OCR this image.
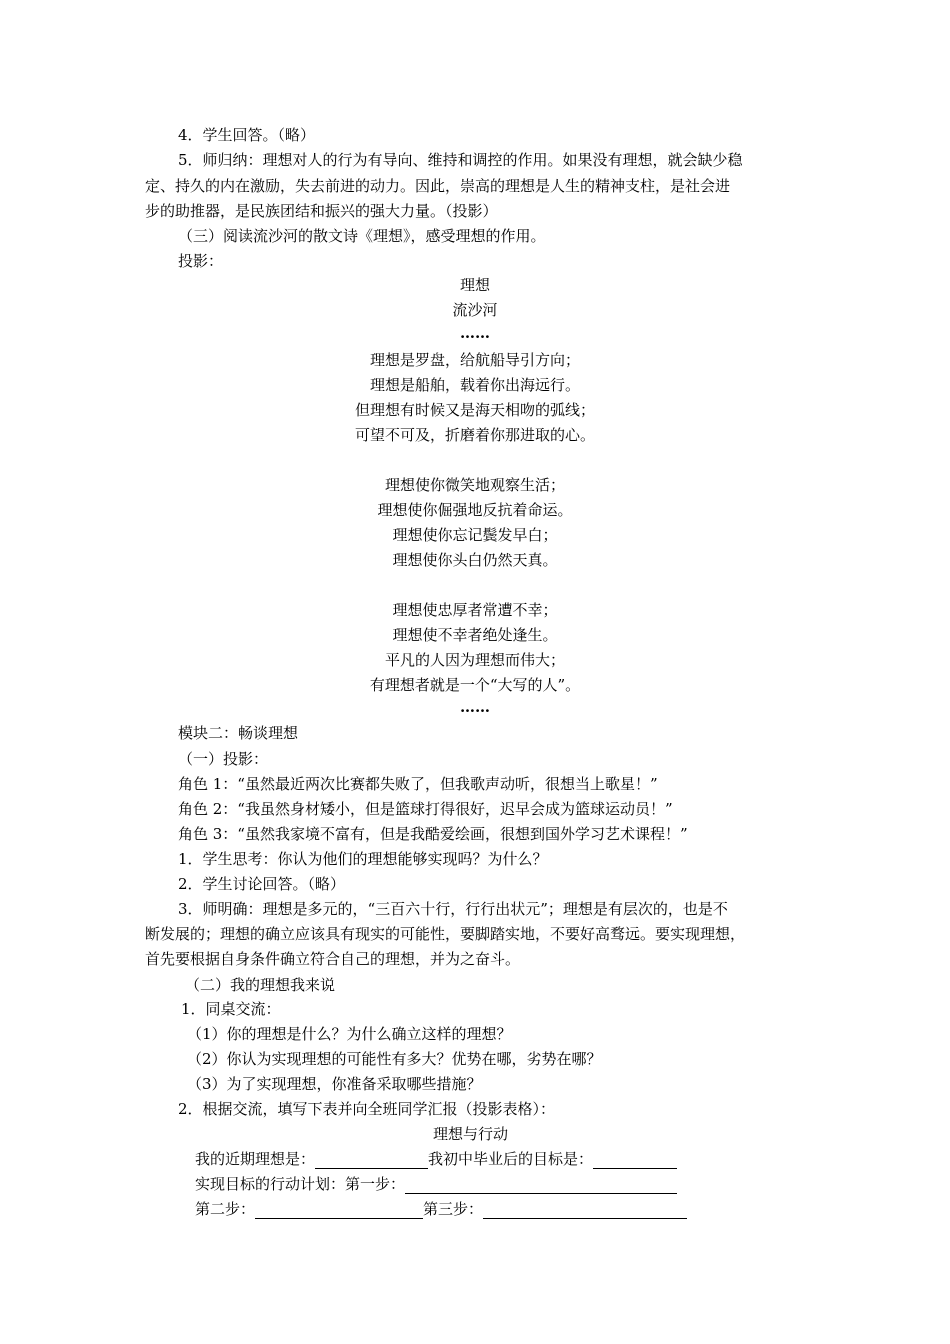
4．学生回答。（略）
5．师归纳：理想对人的行为有导向、维持和调控的作用。如果没有理想，就会缺少稳
定、持久的内在激励，失去前进的动力。因此，崇高的理想是人生的精神支柱，是社会进
步的助推器，是民族团结和振兴的强大力量。（投影）
（三）阅读流沙河的散文诗《理想》，感受理想的作用。
投影：
理想
流沙河
……
理想是罗盘，给航船导引方向；
理想是船舶，载着你出海远行。
但理想有时候又是海天相吻的弧线；
可望不可及，折磨着你那进取的心。
理想使你微笑地观察生活；
理想使你倔强地反抗着命运。
理想使你忘记鬓发早白；
理想使你头白仍然天真。
理想使忠厚者常遭不幸；
理想使不幸者绝处逢生。
平凡的人因为理想而伟大；
有理想者就是一个“大写的人”。
……
模块二：畅谈理想
（一）投影：
角色 1：“虽然最近两次比赛都失败了，但我歌声动听，很想当上歌星！”
角色 2：“我虽然身材矮小，但是篮球打得很好，迟早会成为篮球运动员！”
角色 3：“虽然我家境不富有，但是我酷爱绘画，很想到国外学习艺术课程！”
1．学生思考：你认为他们的理想能够实现吗？为什么？
2．学生讨论回答。（略）
3．师明确：理想是多元的，“三百六十行，行行出状元”；理想是有层次的，也是不
断发展的；理想的确立应该具有现实的可能性，要脚踏实地，不要好高骛远。要实现理想，
首先要根据自身条件确立符合自己的理想，并为之奋斗。
（二）我的理想我来说
1．同桌交流：
（1）你的理想是什么？为什么确立这样的理想？
（2）你认为实现理想的可能性有多大？优势在哪，劣势在哪？
（3）为了实现理想，你准备采取哪些措施？
2．根据交流，填写下表并向全班同学汇报（投影表格）：
理想与行动
我的近期理想是：	我初中毕业后的目标是：
实现目标的行动计划：第一步：
第二步：	第三步：
